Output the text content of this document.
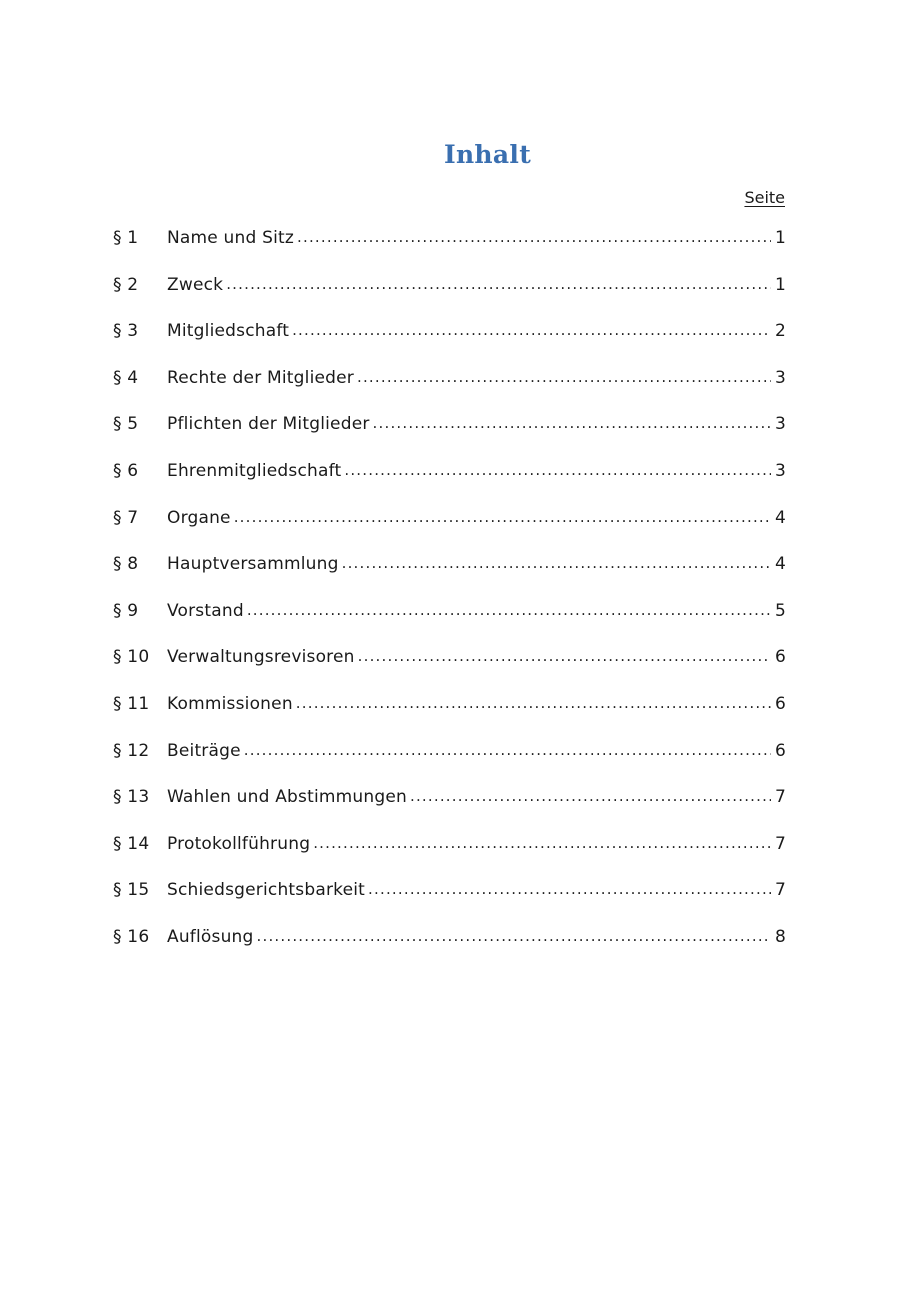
Inhalt
Seite
§ 1	Name und Sitz .....	1
§ 2	Zweck .....	1
§ 3	Mitgliedschaft .....	2
§ 4	Rechte der Mitglieder .....	3
§ 5	Pflichten der Mitglieder .....	3
§ 6	Ehrenmitgliedschaft .....	3
§ 7	Organe .....	4
§ 8	Hauptversammlung .....	4
§ 9	Vorstand .....	5
§ 10	Verwaltungsrevisoren .....	6
§ 11	Kommissionen .....	6
§ 12	Beiträge .....	6
§ 13	Wahlen und Abstimmungen .....	7
§ 14	Protokollführung .....	7
§ 15	Schiedsgerichtsbarkeit .....	7
§ 16	Auflösung .....	8
